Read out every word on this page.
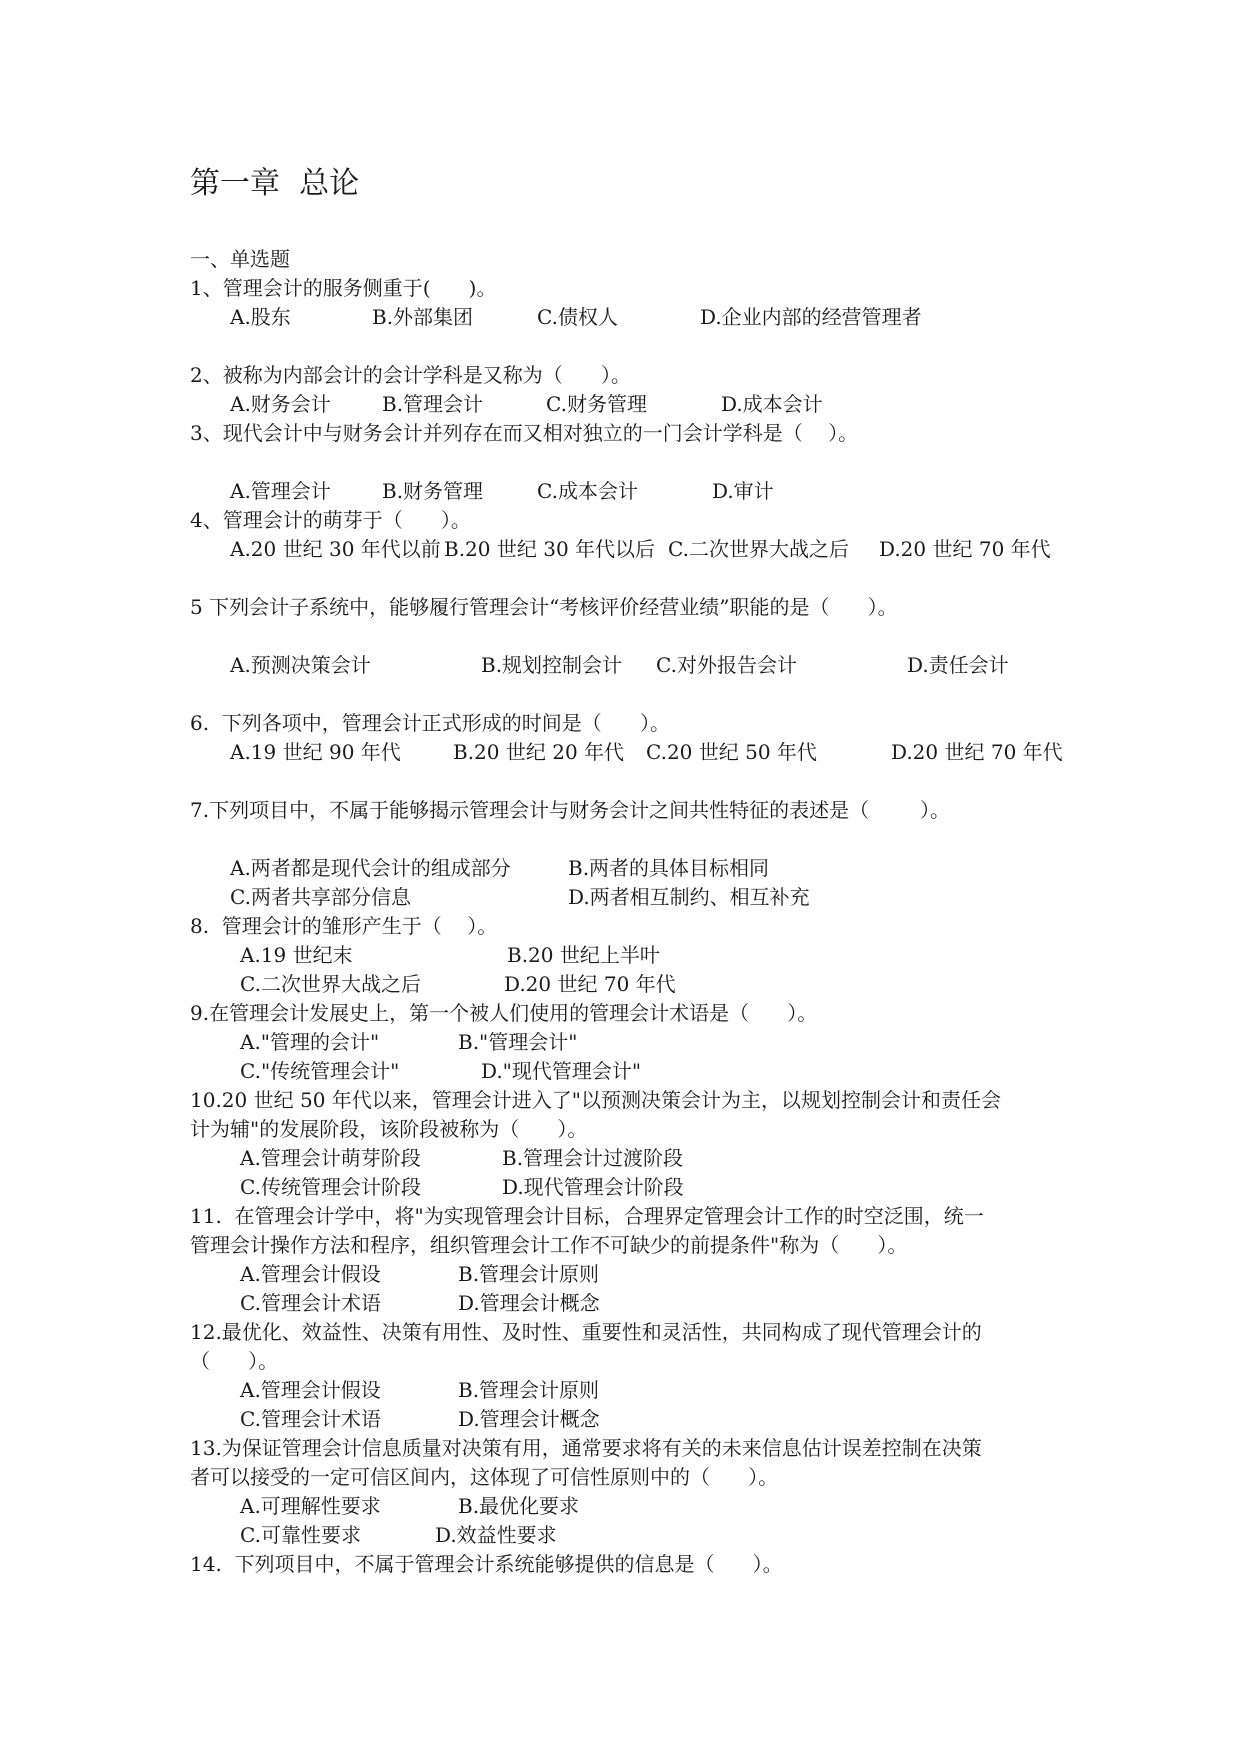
第一章  总论
一、单选题
1、管理会计的服务侧重于(      )。
A.股东	B.外部集团	C.债权人	D.企业内部的经营管理者
2、被称为内部会计的会计学科是又称为（      ）。
A.财务会计	B.管理会计	C.财务管理	D.成本会计
3、现代会计中与财务会计并列存在而又相对独立的一门会计学科是（    ）。
A.管理会计	B.财务管理	C.成本会计	D.审计
4、管理会计的萌芽于（      ）。
A.20 世纪 30 年代以前 B.20 世纪 30 年代以后 C.二次世界大战之后 D.20 世纪 70 年代
5 下列会计子系统中，能够履行管理会计“考核评价经营业绩”职能的是（      ）。
A.预测决策会计	B.规划控制会计 C.对外报告会计	D.责任会计
6.  下列各项中，管理会计正式形成的时间是（      ）。
A.19 世纪 90 年代	B.20 世纪 20 年代 C.20 世纪 50 年代	D.20 世纪 70 年代
7.下列项目中，不属于能够揭示管理会计与财务会计之间共性特征的表述是（        ）。
A.两者都是现代会计的组成部分	B.两者的具体目标相同
C.两者共享部分信息	D.两者相互制约、相互补充
8.  管理会计的雏形产生于（    ）。
A.19 世纪末	B.20 世纪上半叶
C.二次世界大战之后	D.20 世纪 70 年代
9.在管理会计发展史上，第一个被人们使用的管理会计术语是（      ）。
A."管理的会计"	B."管理会计"
C."传统管理会计"	D."现代管理会计"
10.20 世纪 50 年代以来，管理会计进入了"以预测决策会计为主，以规划控制会计和责任会
计为辅"的发展阶段，该阶段被称为（      ）。
A.管理会计萌芽阶段	B.管理会计过渡阶段
C.传统管理会计阶段	D.现代管理会计阶段
11.  在管理会计学中，将"为实现管理会计目标，合理界定管理会计工作的时空泛围，统一
管理会计操作方法和程序，组织管理会计工作不可缺少的前提条件"称为（      ）。
A.管理会计假设	B.管理会计原则
C.管理会计术语	D.管理会计概念
12.最优化、效益性、决策有用性、及时性、重要性和灵活性，共同构成了现代管理会计的
（      ）。
A.管理会计假设	B.管理会计原则
C.管理会计术语	D.管理会计概念
13.为保证管理会计信息质量对决策有用，通常要求将有关的未来信息估计误差控制在决策
者可以接受的一定可信区间内，这体现了可信性原则中的（      ）。
A.可理解性要求	B.最优化要求
C.可靠性要求	D.效益性要求
14.  下列项目中，不属于管理会计系统能够提供的信息是（      ）。
